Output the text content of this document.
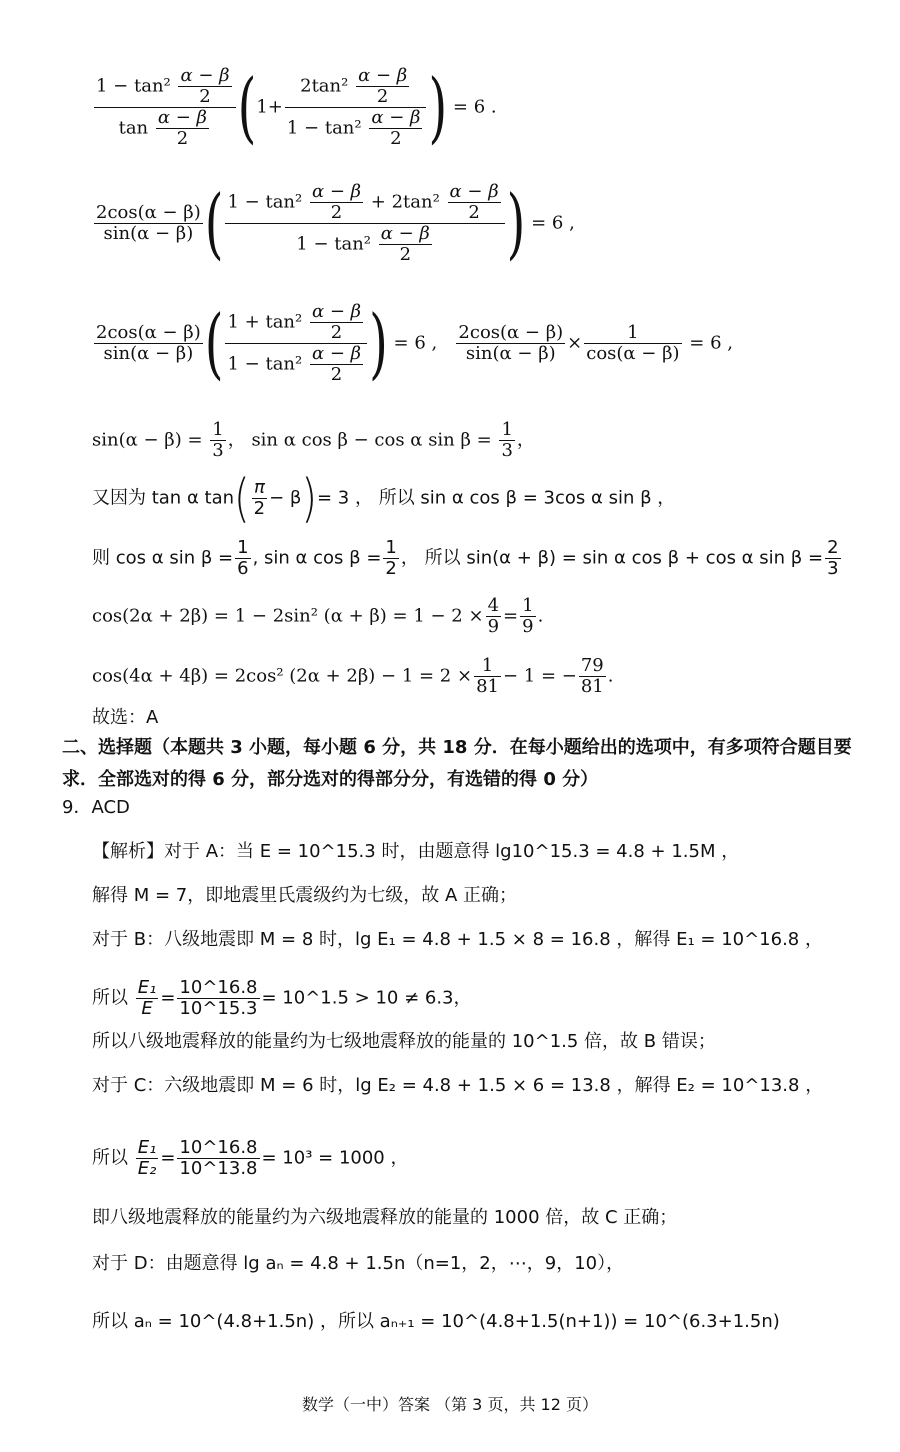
$\frac{1 - \tan^2 \frac{\alpha - \beta}{2}}{\tan \frac{\alpha - \beta}{2}} (1+ \frac{2\tan^2 \frac{\alpha - \beta}{2}}{1 - \tan^2 \frac{\alpha - \beta}{2}}$ ) = 6 .
$\frac{2\cos(\alpha - \beta)}{\sin(\alpha - \beta)}$ ( $\frac{1 - \tan^2 \frac{\alpha - \beta}{2} + 2\tan^2 \frac{\alpha - \beta}{2}}{1 - \tan^2 \frac{\alpha - \beta}{2}}$ ) = 6 ,
$\frac{2\cos(\alpha - \beta)}{\sin(\alpha - \beta)}$ ( $\frac{1 + \tan^2 \frac{\alpha - \beta}{2}}{1 - \tan^2 \frac{\alpha - \beta}{2}}$ ) = 6 , $\frac{2\cos(\alpha - \beta)}{\sin(\alpha - \beta)} \times \frac{1}{\cos(\alpha - \beta)} = 6$ ,
$\sin(\alpha - \beta) = \frac{1}{3}$ ， sin α cos β − cos α $\sin \beta = \frac{1}{3}$ ，
又因为 tan α $\tan( \frac{\pi}{2} - \beta)= 3$ ， 所以 sin α cos β = 3cos α sin β ，
则 cos α $\sin \beta = \frac{1}{6}$ , sin α $\cos \beta = \frac{1}{2}$ ， 所以 sin(α + β) = sin α cos β + cos α $\sin \beta = \frac{2}{3}$
cos(2α + 2β) = 1 − 2sin² $(\alpha + \beta) = 1 - 2 \times \frac{4}{9} = \frac{1}{9}$ .
cos(4α + 4β) = 2cos² $(2\alpha + 2\beta) - 1 = 2 \times \frac{1}{81} - 1$ = − $\frac{79}{81}$ .
故选：A
二、选择题（本题共 3 小题，每小题 6 分，共 18 分．在每小题给出的选项中，有多项符合题目要求．全部选对的得 6 分，部分选对的得部分分，有选错的得 0 分）
9．ACD
【解析】对于 A：当 E = 10^15.3 时，由题意得 lg10^15.3 = 4.8 + 1.5M ，
解得 M = 7，即地震里氏震级约为七级，故 A 正确；
对于 B：八级地震即 M = 8 时，lg E₁ = 4.8 + 1.5 × 8 = 16.8 ，解得 E₁ = 10^16.8 ，
所以 $\frac{\text{E₁}}{E} = \frac{10\^{}16.8}{10\^{}15.3}$ = 10^1.5 > 10 ≠ 6.3，
所以八级地震释放的能量约为七级地震释放的能量的 10^1.5 倍，故 B 错误；
对于 C：六级地震即 M = 6 时，lg E₂ = 4.8 + 1.5 × 6 = 13.8 ，解得 E₂ = 10^13.8 ，
所以 $\frac{\text{E₁}}{\text{E₂}} = \frac{10\^{}16.8}{10\^{}13.8} = 10^3 = 1000$ ，
即八级地震释放的能量约为六级地震释放的能量的 1000 倍，故 C 正确；
对于 D：由题意得 lg aₙ = 4.8 + 1.5n（n=1，2，⋯，9，10），
所以 aₙ = 10^(4.8+1.5n) ，所以 aₙ₊₁ = 10^(4.8+1.5(n+1)) = 10^(6.3+1.5n)
数学（一中）答案 （第 3 页，共 12 页）
